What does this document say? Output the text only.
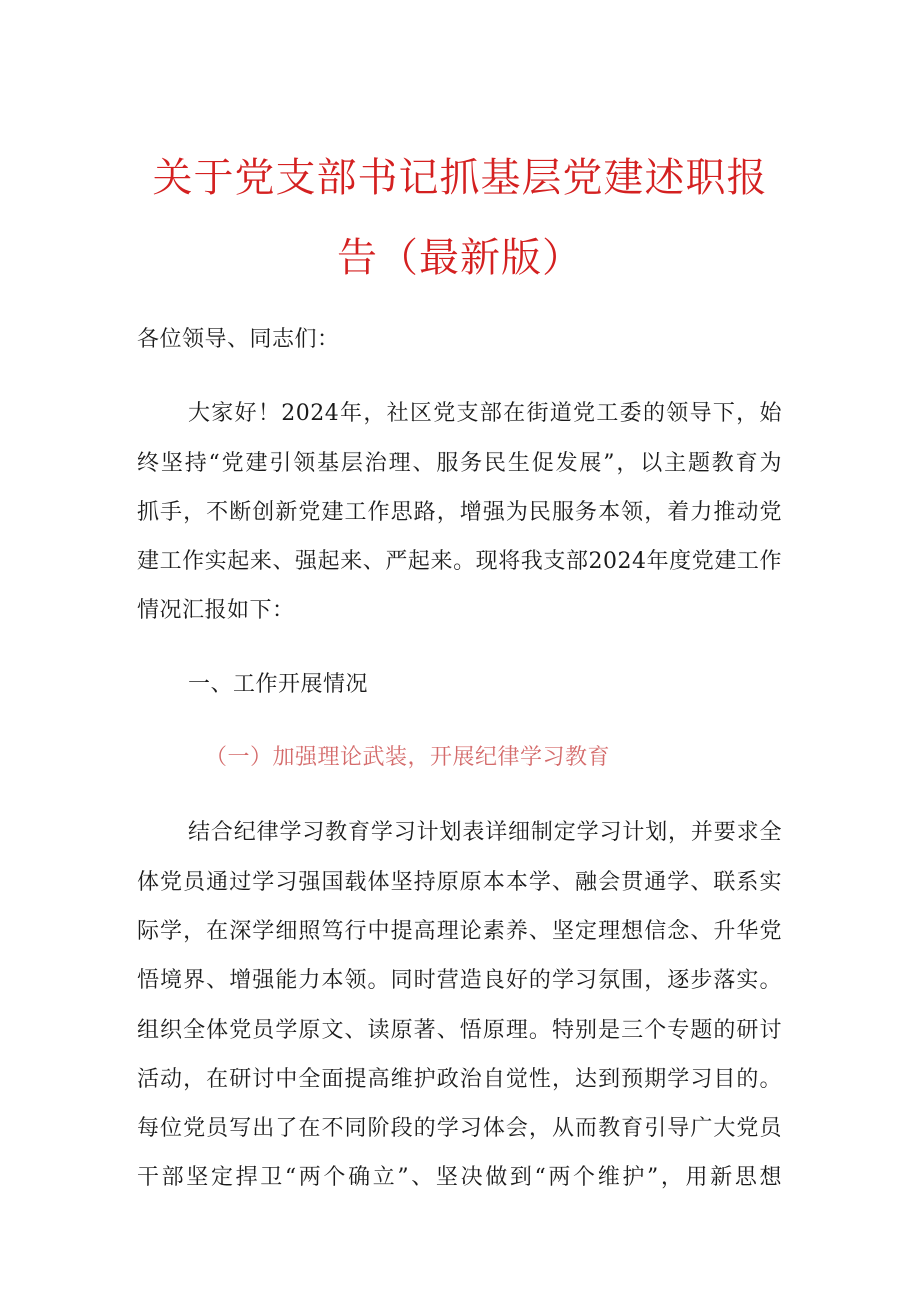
关于党支部书记抓基层党建述职报
告（最新版）
各位领导、同志们：
大家好！2024年，社区党支部在街道党工委的领导下，始
终坚持“党建引领基层治理、服务民生促发展”，以主题教育为
抓手，不断创新党建工作思路，增强为民服务本领，着力推动党
建工作实起来、强起来、严起来。现将我支部2024年度党建工作
情况汇报如下：
一、工作开展情况
（一）加强理论武装，开展纪律学习教育
结合纪律学习教育学习计划表详细制定学习计划，并要求全
体党员通过学习强国载体坚持原原本本学、融会贯通学、联系实
际学，在深学细照笃行中提高理论素养、坚定理想信念、升华党
悟境界、增强能力本领。同时营造良好的学习氛围，逐步落实。
组织全体党员学原文、读原著、悟原理。特别是三个专题的研讨
活动，在研讨中全面提高维护政治自觉性，达到预期学习目的。
每位党员写出了在不同阶段的学习体会，从而教育引导广大党员
干部坚定捍卫“两个确立”、坚决做到“两个维护”，用新思想
